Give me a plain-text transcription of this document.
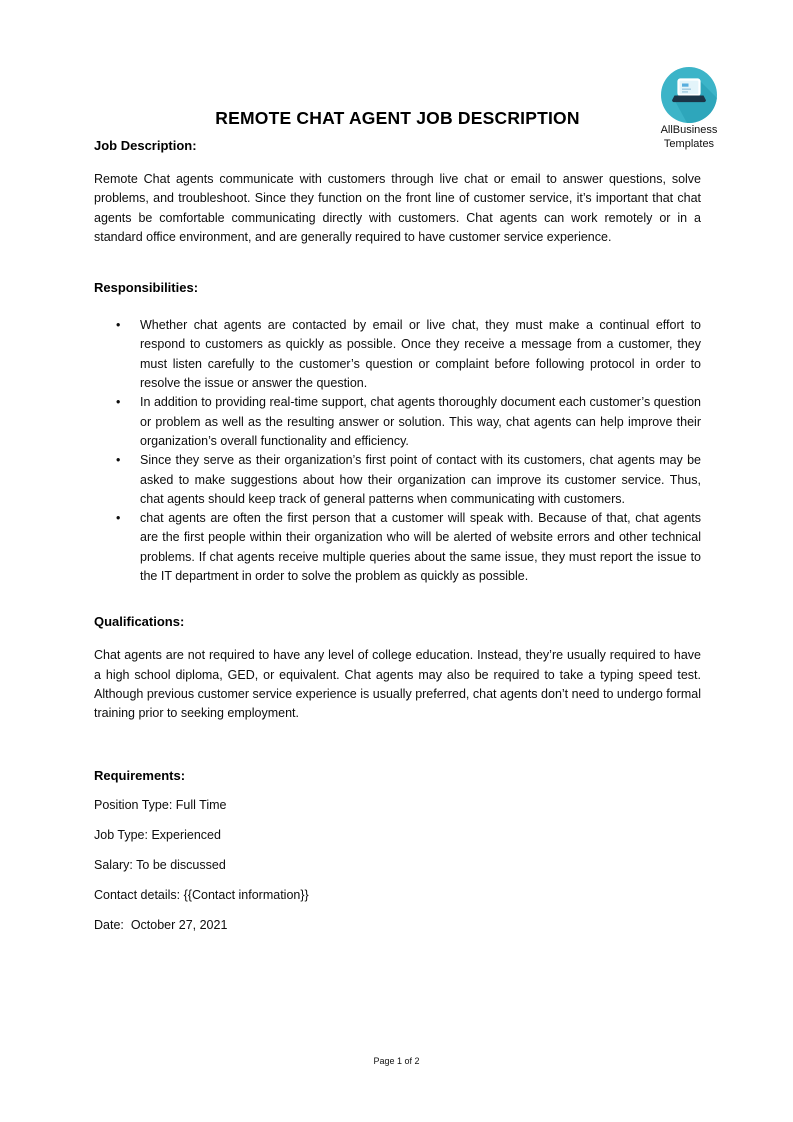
AllBusiness

Templates

REMOTE CHAT AGENT JOB DESCRIPTION
Job Description:

Remote Chat agents communicate with customers through live chat or email to answer questions, solve problems, and troubleshoot. Since they function on the front line of customer service, it’s important that chat agents be comfortable communicating directly with customers. Chat agents can work remotely or in a standard office environment, and are generally required to have customer service experience.

Responsibilities:
• Whether chat agents are contacted by email or live chat, they must make a continual effort to respond to customers as quickly as possible. Once they receive a message from a customer, they must listen carefully to the customer’s question or complaint before following protocol in order to resolve the issue or answer the question.
• In addition to providing real-time support, chat agents thoroughly document each customer’s question or problem as well as the resulting answer or solution. This way, chat agents can help improve their organization’s overall functionality and efficiency.
• Since they serve as their organization’s first point of contact with its customers, chat agents may be asked to make suggestions about how their organization can improve its customer service. Thus, chat agents should keep track of general patterns when communicating with customers.
• chat agents are often the first person that a customer will speak with. Because of that, chat agents are the first people within their organization who will be alerted of website errors and other technical problems. If chat agents receive multiple queries about the same issue, they must report the issue to the IT department in order to solve the problem as quickly as possible.
Qualifications:

Chat agents are not required to have any level of college education. Instead, they’re usually required to have a high school diploma, GED, or equivalent. Chat agents may also be required to take a typing speed test. Although previous customer service experience is usually preferred, chat agents don’t need to undergo formal training prior to seeking employment.

Requirements:

Position Type: Full Time

Job Type: Experienced

Salary: To be discussed

Contact details: {{Contact information}}

Date:  October 27, 2021

Page 1 of 2
